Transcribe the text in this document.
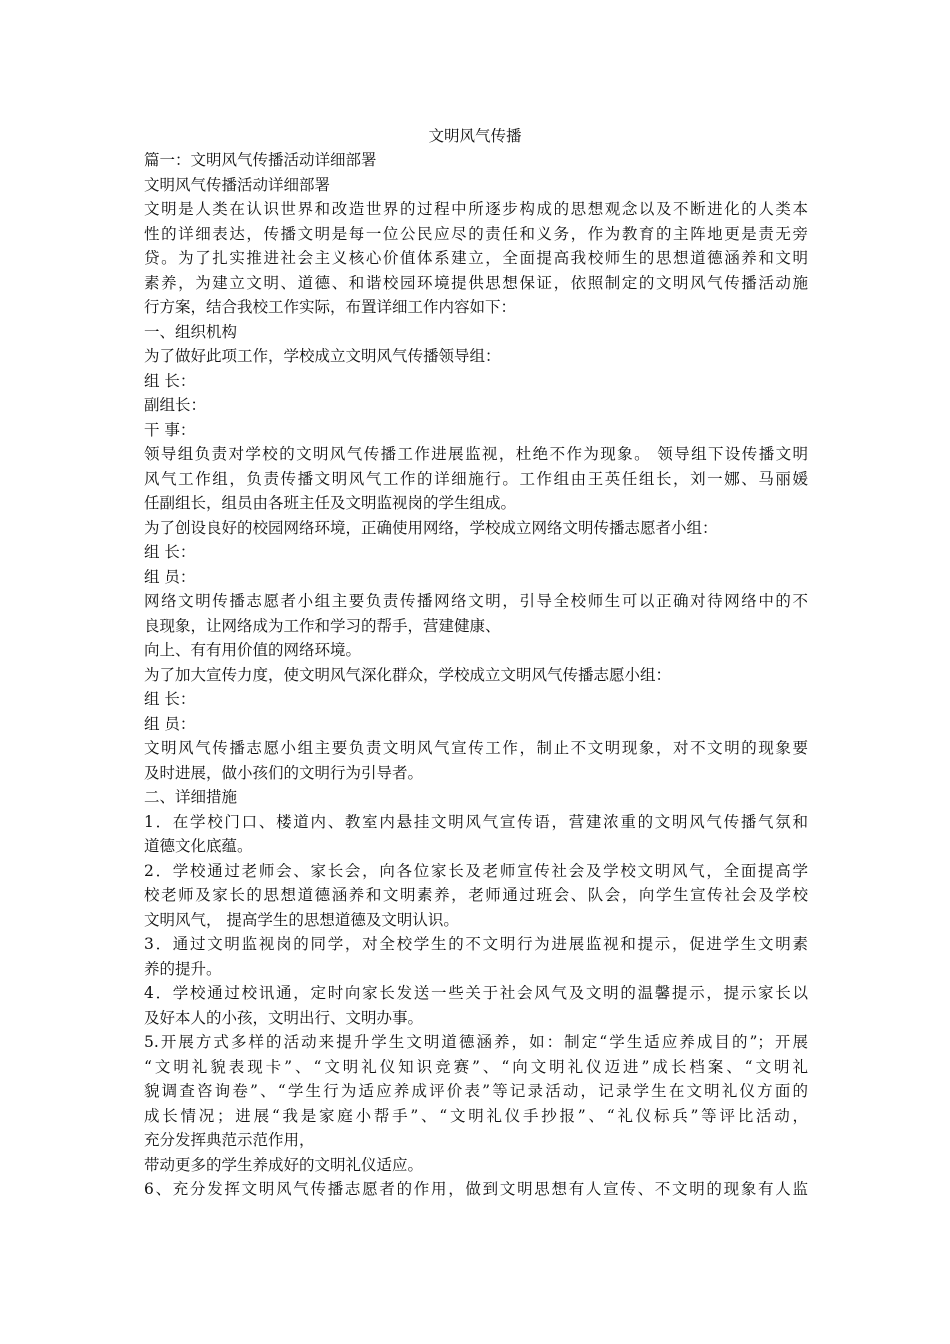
文明风气传播
篇一：文明风气传播活动详细部署
文明风气传播活动详细部署
文明是人类在认识世界和改造世界的过程中所逐步构成的思想观念以及不断进化的人类本
性的详细表达，传播文明是每一位公民应尽的责任和义务，作为教育的主阵地更是责无旁
贷。为了扎实推进社会主义核心价值体系建立，全面提高我校师生的思想道德涵养和文明
素养，为建立文明、道德、和谐校园环境提供思想保证，依照制定的文明风气传播活动施
行方案，结合我校工作实际，布置详细工作内容如下：
一、组织机构
为了做好此项工作，学校成立文明风气传播领导组：
组 长：
副组长：
干 事：
领导组负责对学校的文明风气传播工作进展监视，杜绝不作为现象。 领导组下设传播文明
风气工作组，负责传播文明风气工作的详细施行。工作组由王英任组长，刘一娜、马丽媛
任副组长，组员由各班主任及文明监视岗的学生组成。
为了创设良好的校园网络环境，正确使用网络，学校成立网络文明传播志愿者小组：
组 长：
组 员：
网络文明传播志愿者小组主要负责传播网络文明，引导全校师生可以正确对待网络中的不
良现象，让网络成为工作和学习的帮手，营建健康、
向上、有有用价值的网络环境。
为了加大宣传力度，使文明风气深化群众，学校成立文明风气传播志愿小组：
组 长：
组 员：
文明风气传播志愿小组主要负责文明风气宣传工作，制止不文明现象，对不文明的现象要
及时进展，做小孩们的文明行为引导者。
二、详细措施
1．在学校门口、楼道内、教室内悬挂文明风气宣传语，营建浓重的文明风气传播气氛和
道德文化底蕴。
2．学校通过老师会、家长会，向各位家长及老师宣传社会及学校文明风气，全面提高学
校老师及家长的思想道德涵养和文明素养，老师通过班会、队会，向学生宣传社会及学校
文明风气， 提高学生的思想道德及文明认识。
3．通过文明监视岗的同学，对全校学生的不文明行为进展监视和提示，促进学生文明素
养的提升。
4．学校通过校讯通，定时向家长发送一些关于社会风气及文明的温馨提示，提示家长以
及好本人的小孩，文明出行、文明办事。
5.开展方式多样的活动来提升学生文明道德涵养，如：制定“学生适应养成目的”；开展
“文明礼貌表现卡”、“文明礼仪知识竞赛”、“向文明礼仪迈进”成长档案、“文明礼
貌调查咨询卷”、“学生行为适应养成评价表”等记录活动，记录学生在文明礼仪方面的
成长情况；进展“我是家庭小帮手”、“文明礼仪手抄报”、“礼仪标兵”等评比活动，
充分发挥典范示范作用，
带动更多的学生养成好的文明礼仪适应。
6、充分发挥文明风气传播志愿者的作用，做到文明思想有人宣传、不文明的现象有人监
